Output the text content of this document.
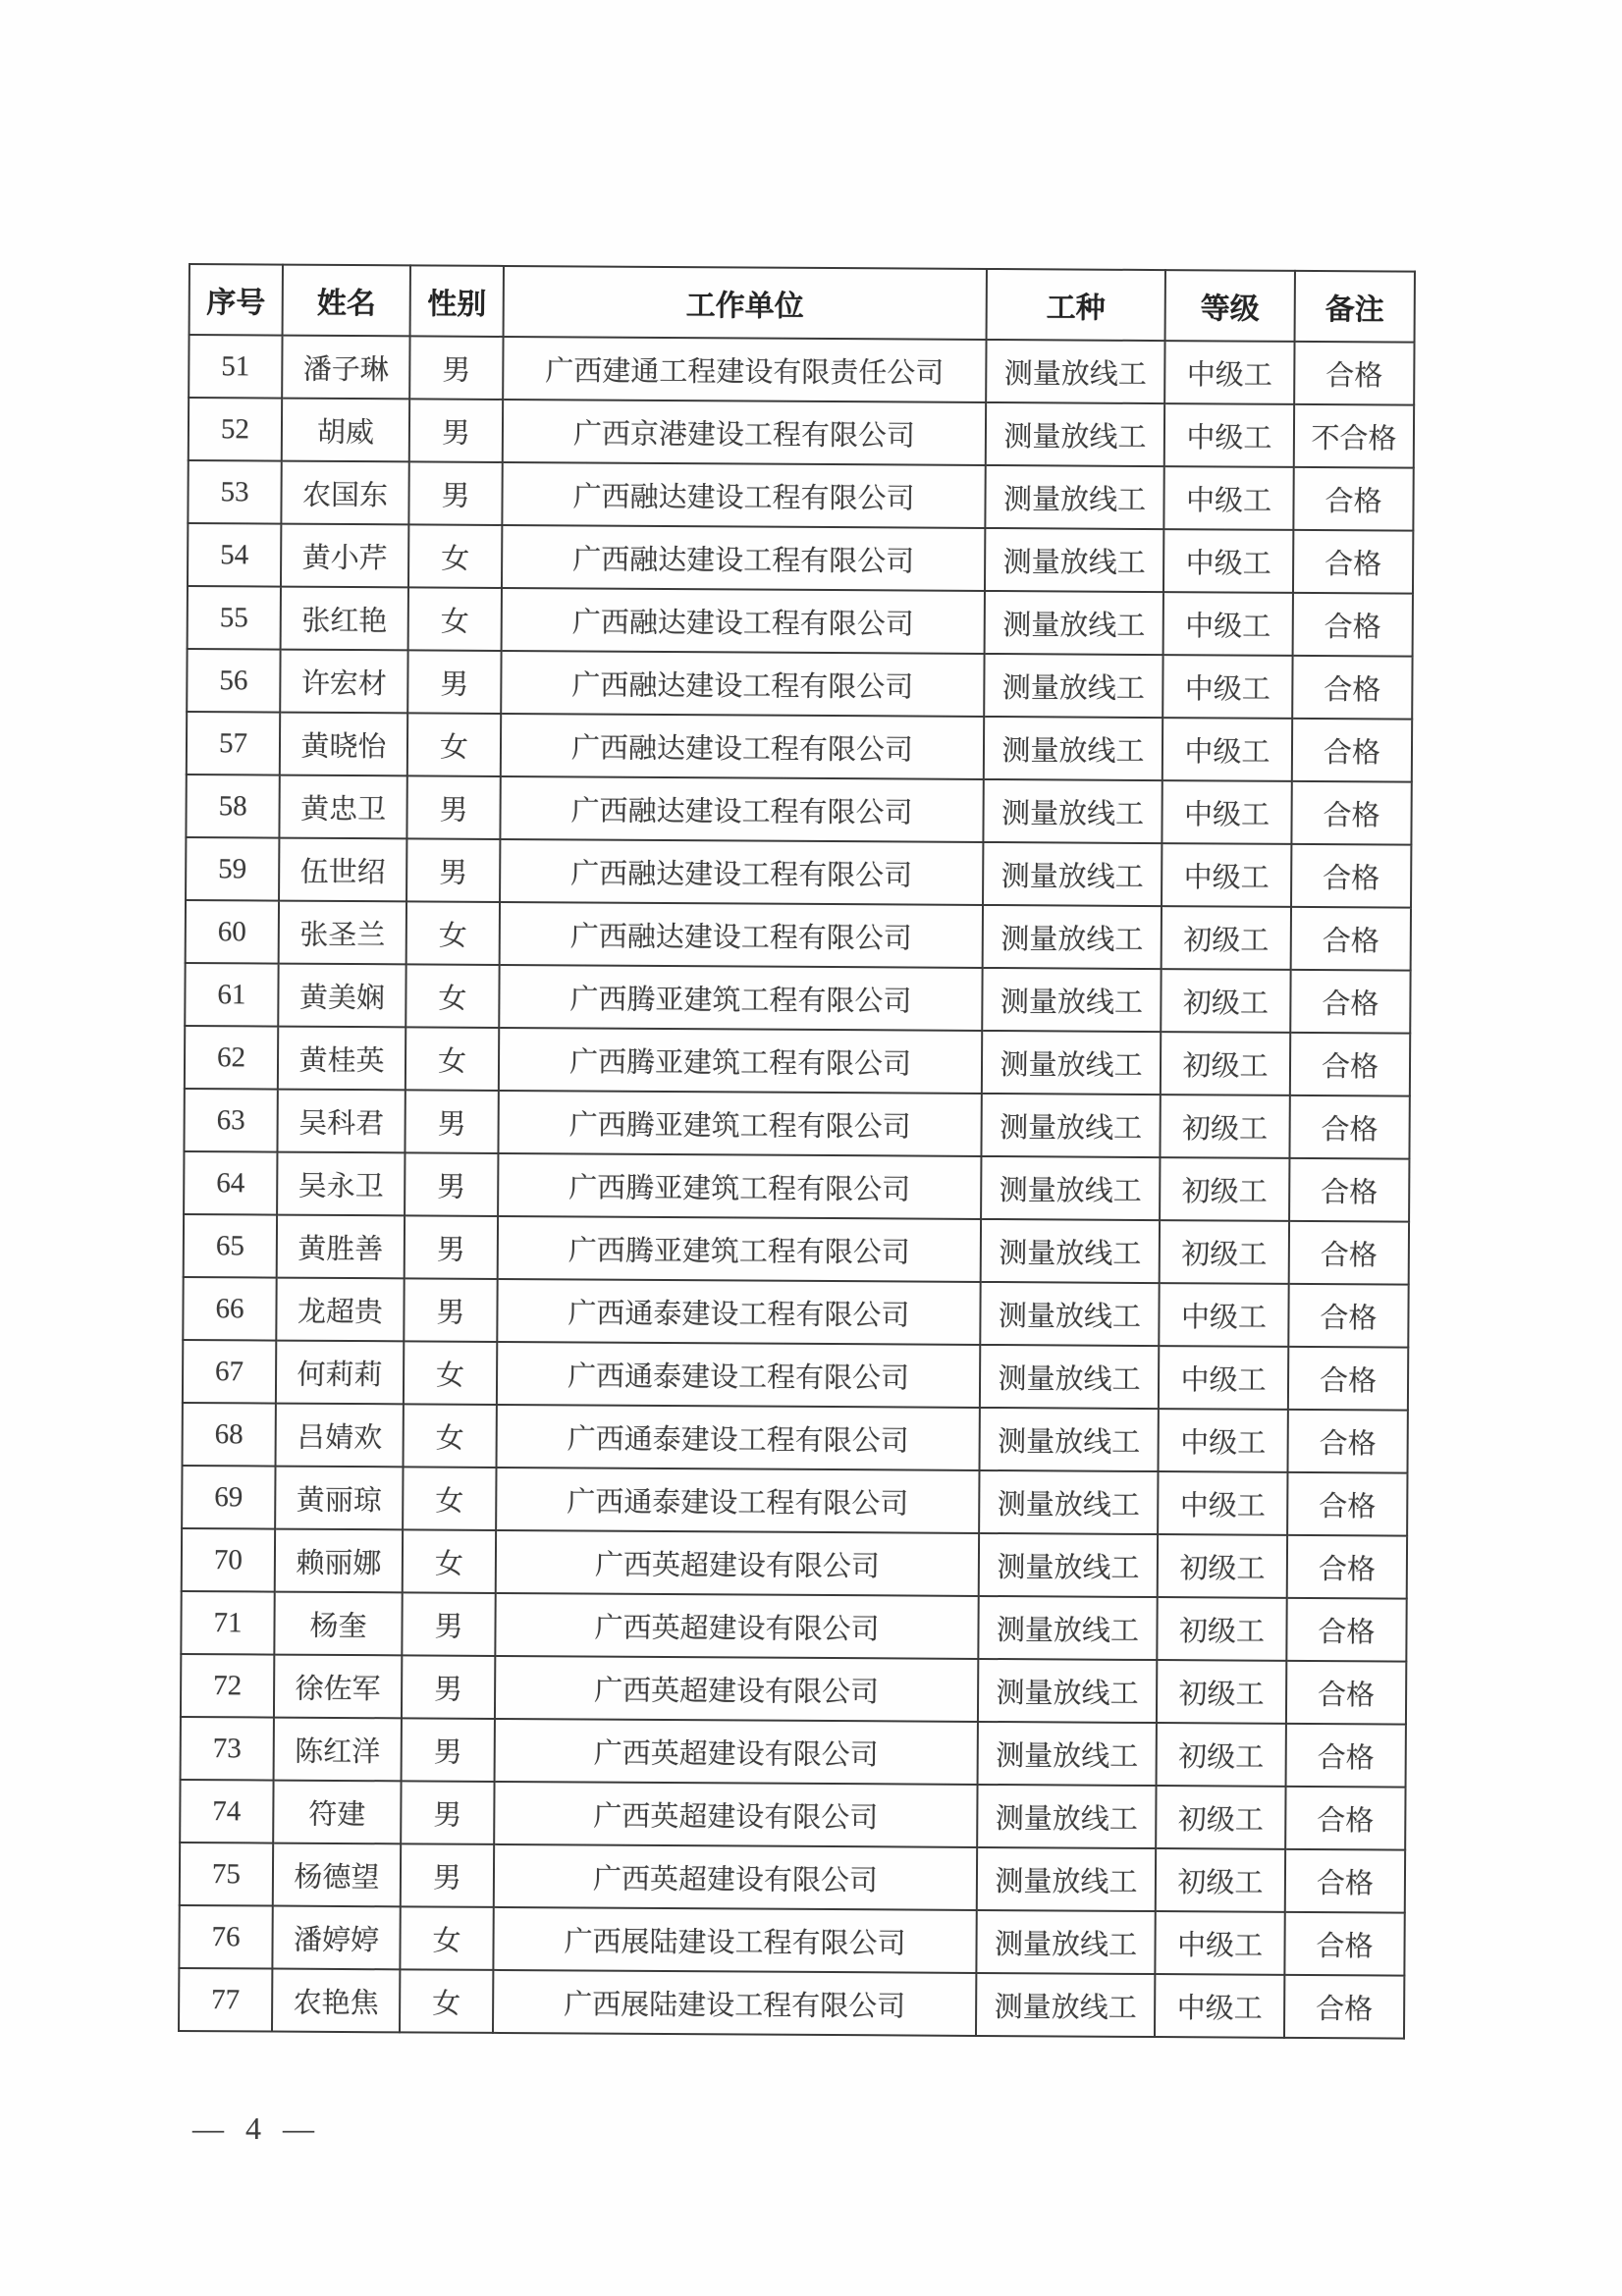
序号	姓名	性别	工作单位	工种	等级	备注
51	潘子琳	男	广西建通工程建设有限责任公司	测量放线工	中级工	合格
52	胡威	男	广西京港建设工程有限公司	测量放线工	中级工	不合格
53	农国东	男	广西融达建设工程有限公司	测量放线工	中级工	合格
54	黄小芹	女	广西融达建设工程有限公司	测量放线工	中级工	合格
55	张红艳	女	广西融达建设工程有限公司	测量放线工	中级工	合格
56	许宏材	男	广西融达建设工程有限公司	测量放线工	中级工	合格
57	黄晓怡	女	广西融达建设工程有限公司	测量放线工	中级工	合格
58	黄忠卫	男	广西融达建设工程有限公司	测量放线工	中级工	合格
59	伍世绍	男	广西融达建设工程有限公司	测量放线工	中级工	合格
60	张圣兰	女	广西融达建设工程有限公司	测量放线工	初级工	合格
61	黄美娴	女	广西腾亚建筑工程有限公司	测量放线工	初级工	合格
62	黄桂英	女	广西腾亚建筑工程有限公司	测量放线工	初级工	合格
63	吴科君	男	广西腾亚建筑工程有限公司	测量放线工	初级工	合格
64	吴永卫	男	广西腾亚建筑工程有限公司	测量放线工	初级工	合格
65	黄胜善	男	广西腾亚建筑工程有限公司	测量放线工	初级工	合格
66	龙超贵	男	广西通泰建设工程有限公司	测量放线工	中级工	合格
67	何莉莉	女	广西通泰建设工程有限公司	测量放线工	中级工	合格
68	吕婧欢	女	广西通泰建设工程有限公司	测量放线工	中级工	合格
69	黄丽琼	女	广西通泰建设工程有限公司	测量放线工	中级工	合格
70	赖丽娜	女	广西英超建设有限公司	测量放线工	初级工	合格
71	杨奎	男	广西英超建设有限公司	测量放线工	初级工	合格
72	徐佐军	男	广西英超建设有限公司	测量放线工	初级工	合格
73	陈红洋	男	广西英超建设有限公司	测量放线工	初级工	合格
74	符建	男	广西英超建设有限公司	测量放线工	初级工	合格
75	杨德望	男	广西英超建设有限公司	测量放线工	初级工	合格
76	潘婷婷	女	广西展陆建设工程有限公司	测量放线工	中级工	合格
77	农艳焦	女	广西展陆建设工程有限公司	测量放线工	中级工	合格
— 4 —
